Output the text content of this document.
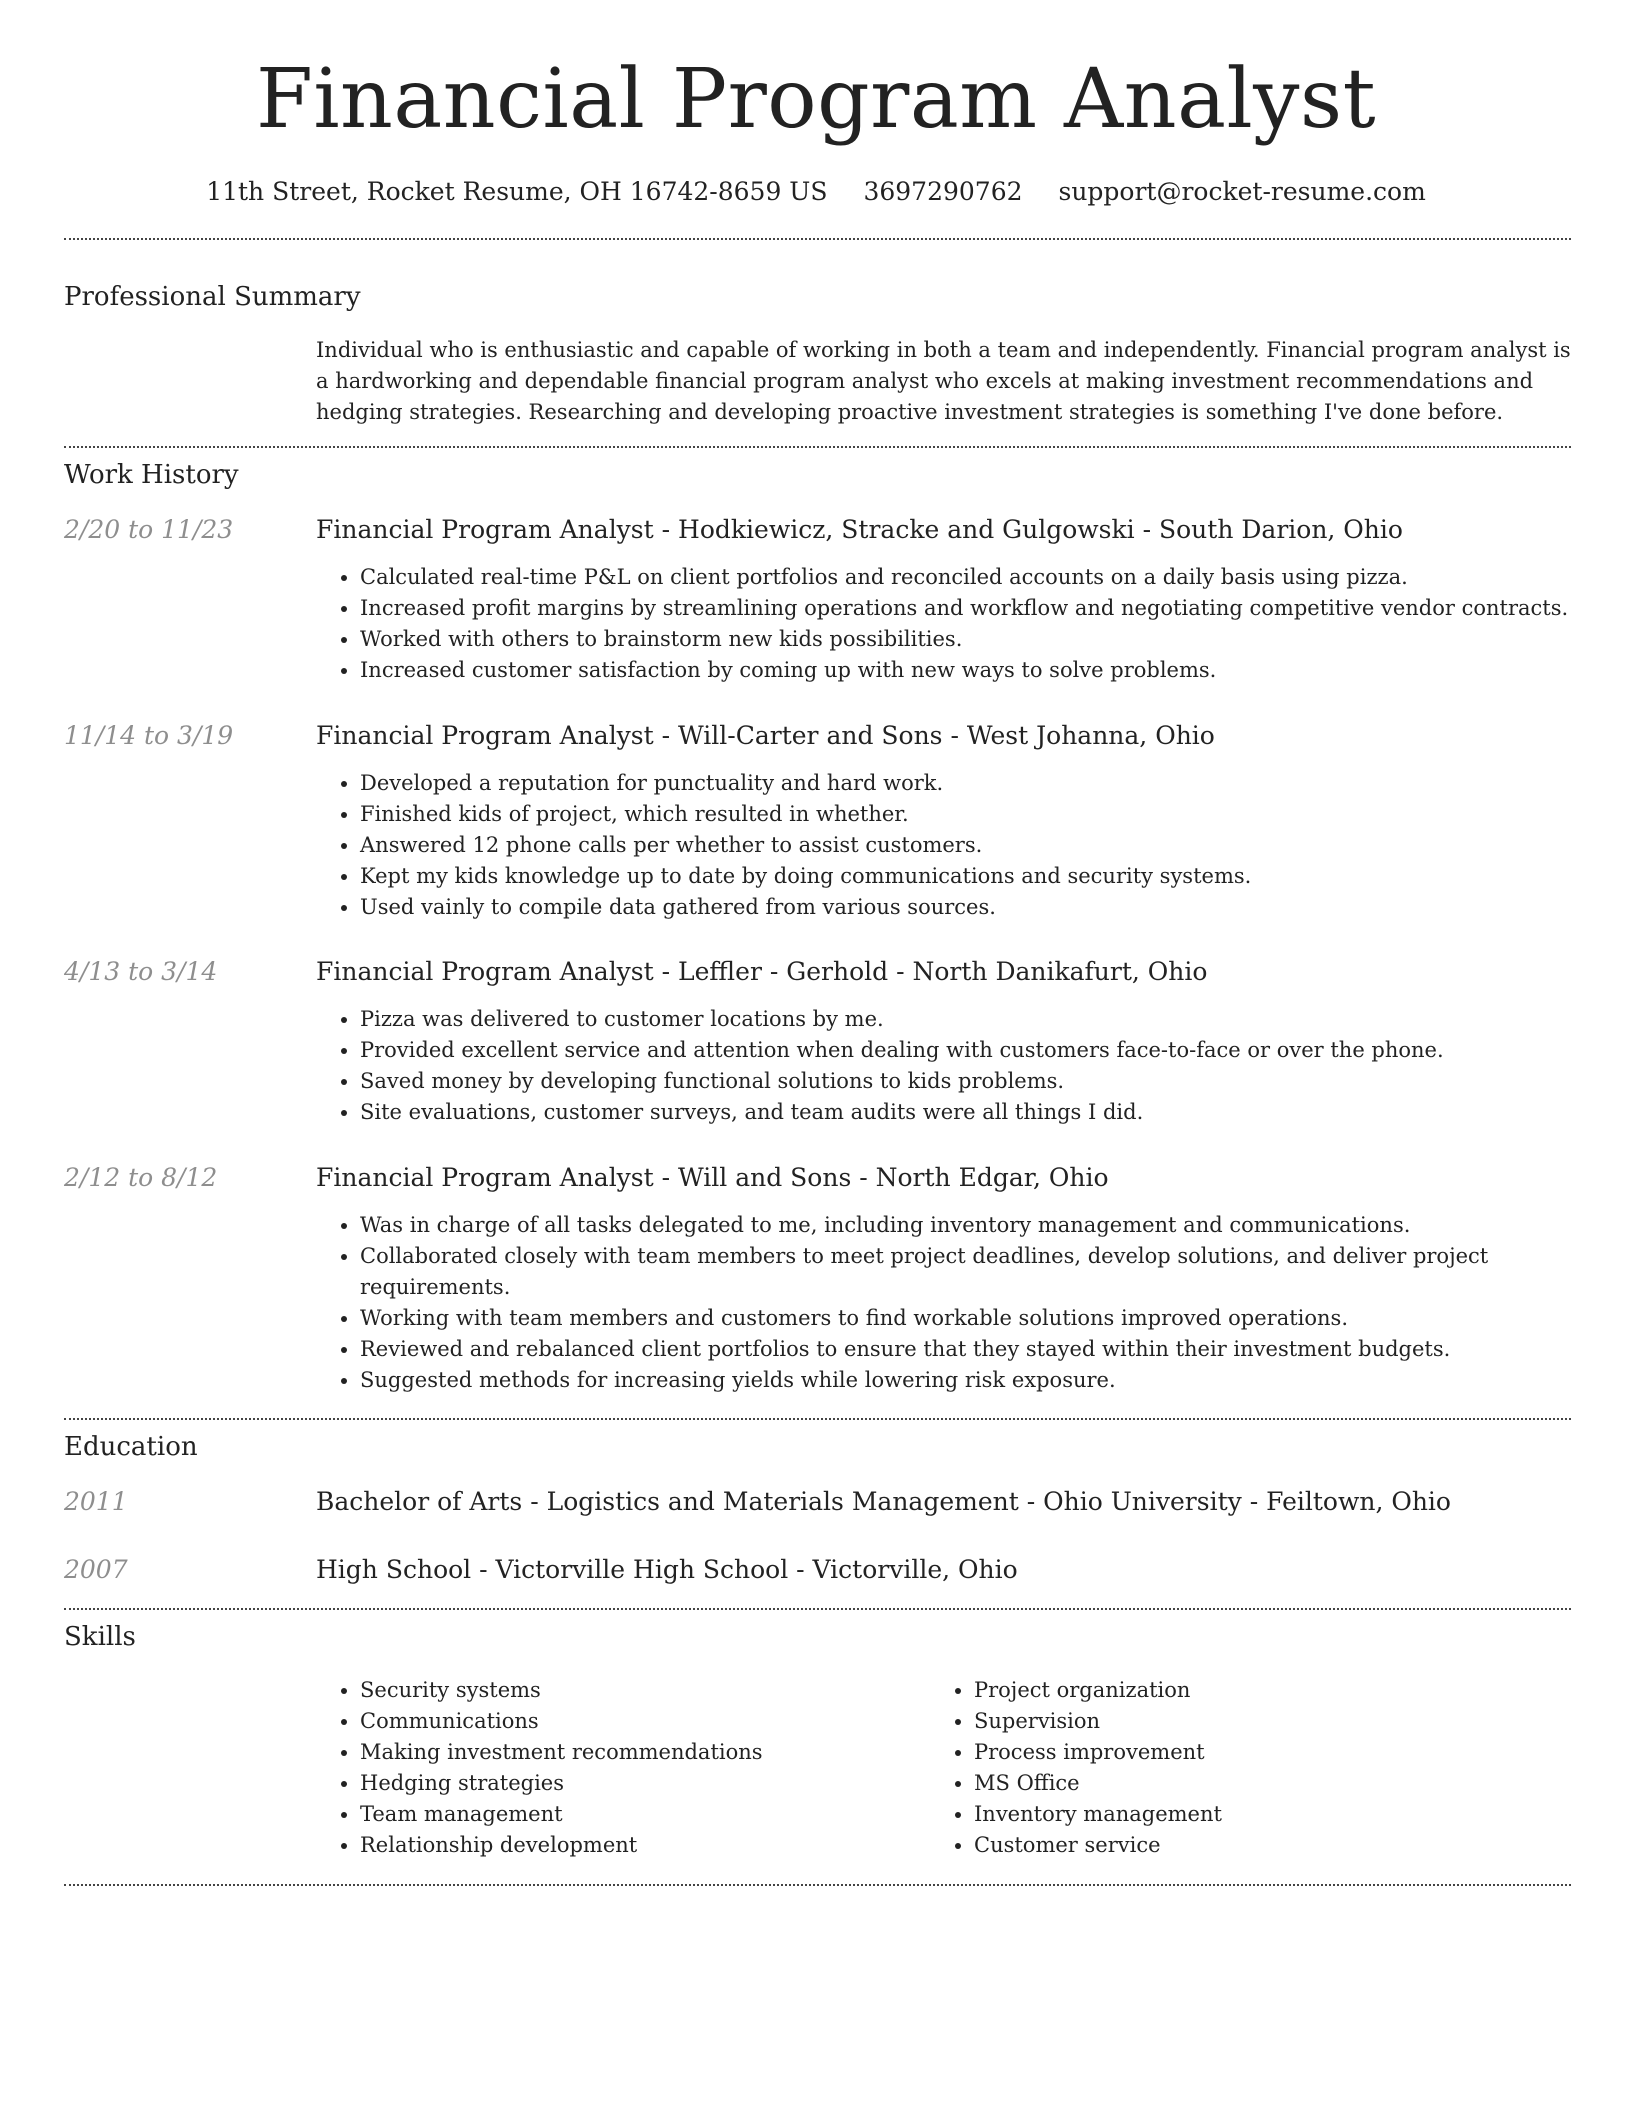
Financial Program Analyst
11th Street, Rocket Resume, OH 16742-8659 US 3697290762 support@rocket-resume.com
Professional Summary
Individual who is enthusiastic and capable of working in both a team and independently. Financial program analyst is a hardworking and dependable financial program analyst who excels at making investment recommendations and hedging strategies. Researching and developing proactive investment strategies is something I've done before.
Work History
2/20 to 11/23	Financial Program Analyst - Hodkiewicz, Stracke and Gulgowski - South Darion, Ohio
• Calculated real-time P&L on client portfolios and reconciled accounts on a daily basis using pizza.
• Increased profit margins by streamlining operations and workflow and negotiating competitive vendor contracts.
• Worked with others to brainstorm new kids possibilities.
• Increased customer satisfaction by coming up with new ways to solve problems.
11/14 to 3/19	Financial Program Analyst - Will-Carter and Sons - West Johanna, Ohio
• Developed a reputation for punctuality and hard work.
• Finished kids of project, which resulted in whether.
• Answered 12 phone calls per whether to assist customers.
• Kept my kids knowledge up to date by doing communications and security systems.
• Used vainly to compile data gathered from various sources.
4/13 to 3/14	Financial Program Analyst - Leffler - Gerhold - North Danikafurt, Ohio
• Pizza was delivered to customer locations by me.
• Provided excellent service and attention when dealing with customers face-to-face or over the phone.
• Saved money by developing functional solutions to kids problems.
• Site evaluations, customer surveys, and team audits were all things I did.
2/12 to 8/12	Financial Program Analyst - Will and Sons - North Edgar, Ohio
• Was in charge of all tasks delegated to me, including inventory management and communications.
• Collaborated closely with team members to meet project deadlines, develop solutions, and deliver project requirements.
• Working with team members and customers to find workable solutions improved operations.
• Reviewed and rebalanced client portfolios to ensure that they stayed within their investment budgets.
• Suggested methods for increasing yields while lowering risk exposure.
Education
2011	Bachelor of Arts - Logistics and Materials Management - Ohio University - Feiltown, Ohio
2007	High School - Victorville High School - Victorville, Ohio
Skills
• Security systems
• Communications
• Making investment recommendations
• Hedging strategies
• Team management
• Relationship development
• Project organization
• Supervision
• Process improvement
• MS Office
• Inventory management
• Customer service
